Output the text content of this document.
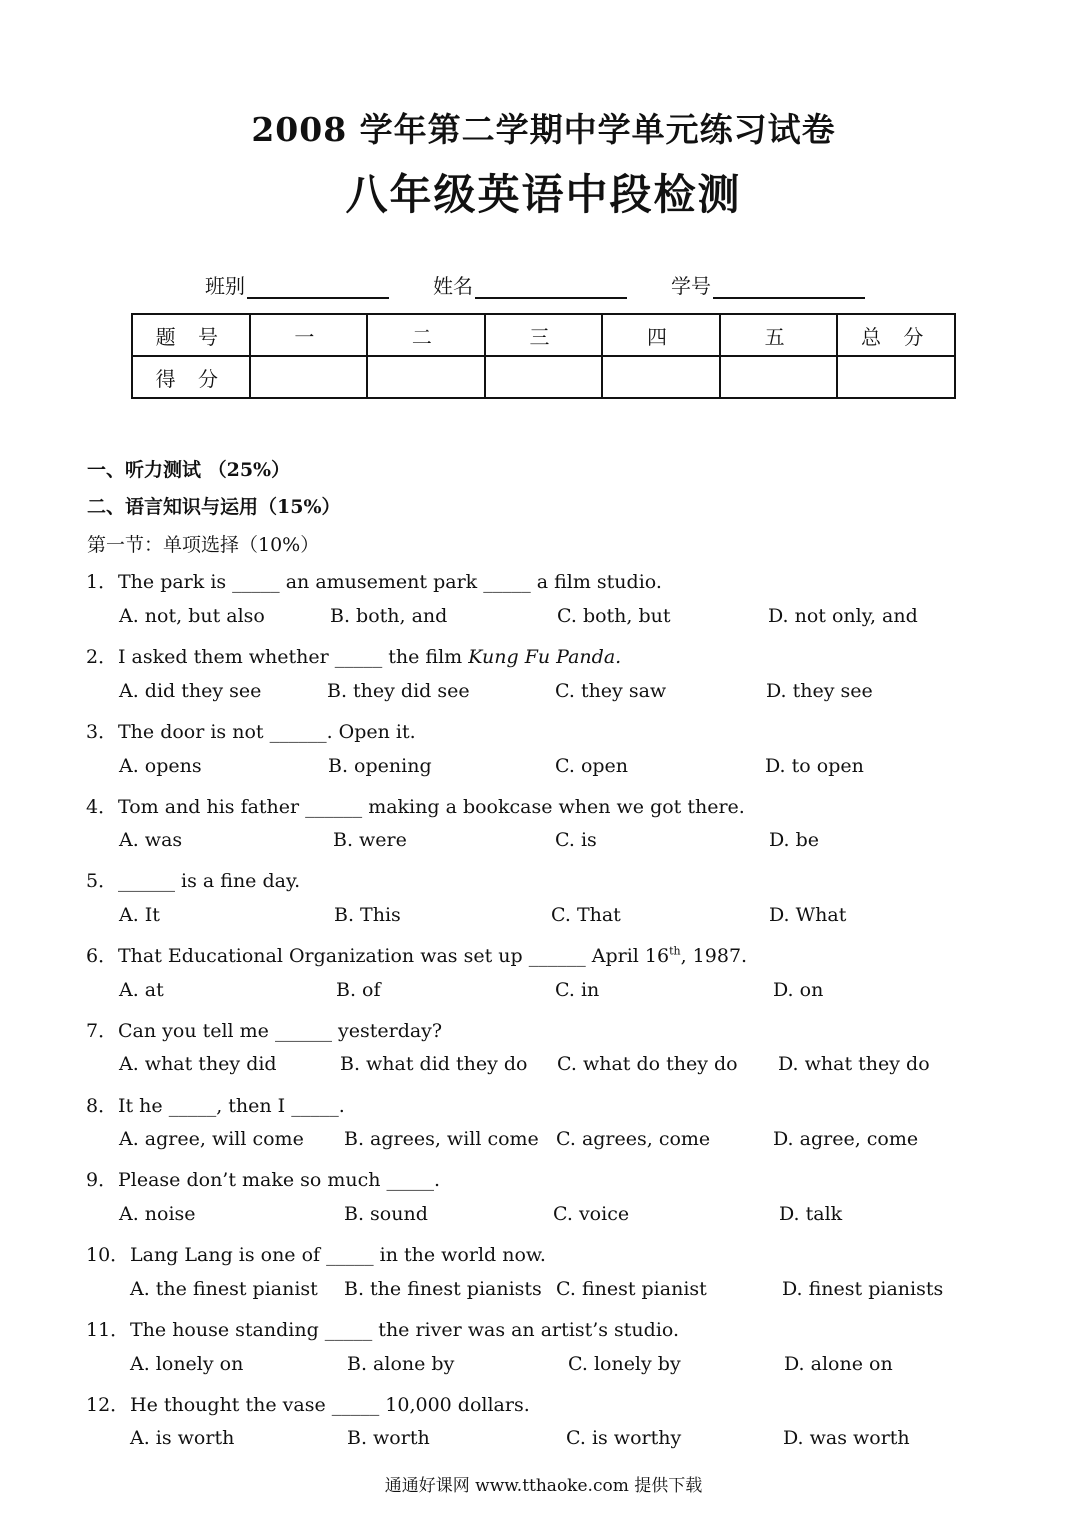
2008 学年第二学期中学单元练习试卷
八年级英语中段检测
班别	姓名	学号
题 号	一	二	三	四	五	总 分
得 分						
一、听力测试 （25%）
二、语言知识与运用（15%）
第一节：单项选择（10%）
1．The park is _____ an amusement park _____ a film studio.
A. not, but also	B. both, and	C. both, but	D. not only, and
2．I asked them whether _____ the film Kung Fu Panda.
A. did they see	B. they did see	C. they saw	D. they see
3．The door is not ______. Open it.
A. opens	B. opening	C. open	D. to open
4．Tom and his father ______ making a bookcase when we got there.
A. was	B. were	C. is	D. be
5．______ is a fine day.
A. It	B. This	C. That	D. What
6．That Educational Organization was set up ______ April 16th, 1987.
A. at	B. of	C. in	D. on
7．Can you tell me ______ yesterday?
A. what they did	B. what did they do C. what do they do D. what they do
8．It he _____, then I _____.
A. agree, will come B. agrees, will come C. agrees, come	D. agree, come
9．Please don’t make so much _____.
A. noise	B. sound	C. voice	D. talk
10．Lang Lang is one of _____ in the world now.
A. the finest pianist B. the finest pianists C. finest pianist	D. finest pianists
11．The house standing _____ the river was an artist’s studio.
A. lonely on	B. alone by	C. lonely by	D. alone on
12．He thought the vase _____ 10,000 dollars.
A. is worth	B. worth	C. is worthy	D. was worth
通通好课网 www.tthaoke.com 提供下载
